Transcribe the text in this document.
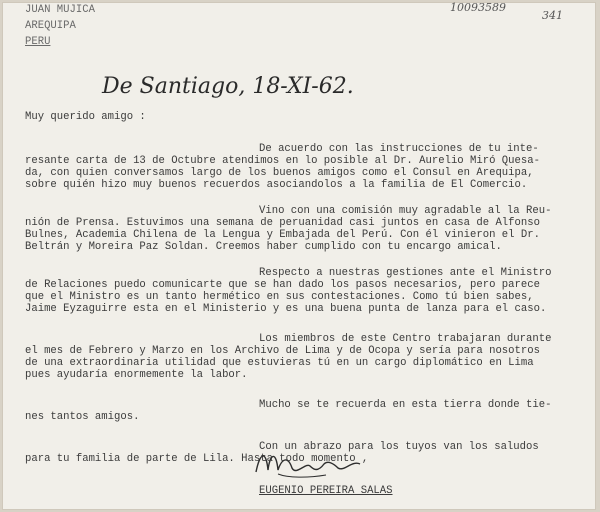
10093589
341
JUAN MUJICA
AREQUIPA
PERU
De Santiago, 18-XI-62.
Muy querido amigo :
De acuerdo con las instrucciones de tu inte-
resante carta de 13 de Octubre atendimos en lo posible al Dr. Aurelio Miró Quesa-
da, con quien conversamos largo de los buenos amigos como el Consul en Arequipa,
sobre quién hizo muy buenos recuerdos asociandolos a la familia de El Comercio.
Vino con una comisión muy agradable al la Reu-
nión de Prensa. Estuvimos una semana de peruanidad casi juntos en casa de Alfonso
Bulnes, Academia Chilena de la Lengua y Embajada del Perú. Con él vinieron el Dr.
Beltrán y Moreira Paz Soldan. Creemos haber cumplido con tu encargo amical.
Respecto a nuestras gestiones ante el Ministro
de Relaciones puedo comunicarte que se han dado los pasos necesarios, pero parece
que el Ministro es un tanto hermético en sus contestaciones. Como tú bien sabes,
Jaime Eyzaguirre esta en el Ministerio y es una buena punta de lanza para el caso.
Los miembros de este Centro trabajaran durante
el mes de Febrero y Marzo en los Archivo de Lima y de Ocopa y sería para nosotros
de una extraordinaria utilidad que estuvieras tú en un cargo diplomático en Lima
pues ayudaría enormemente la labor.
Mucho se te recuerda en esta tierra donde tie-
nes tantos amigos.
Con un abrazo para los tuyos van los saludos
para tu familia de parte de Lila. Hasta todo momento ,
EUGENIO PEREIRA SALAS
